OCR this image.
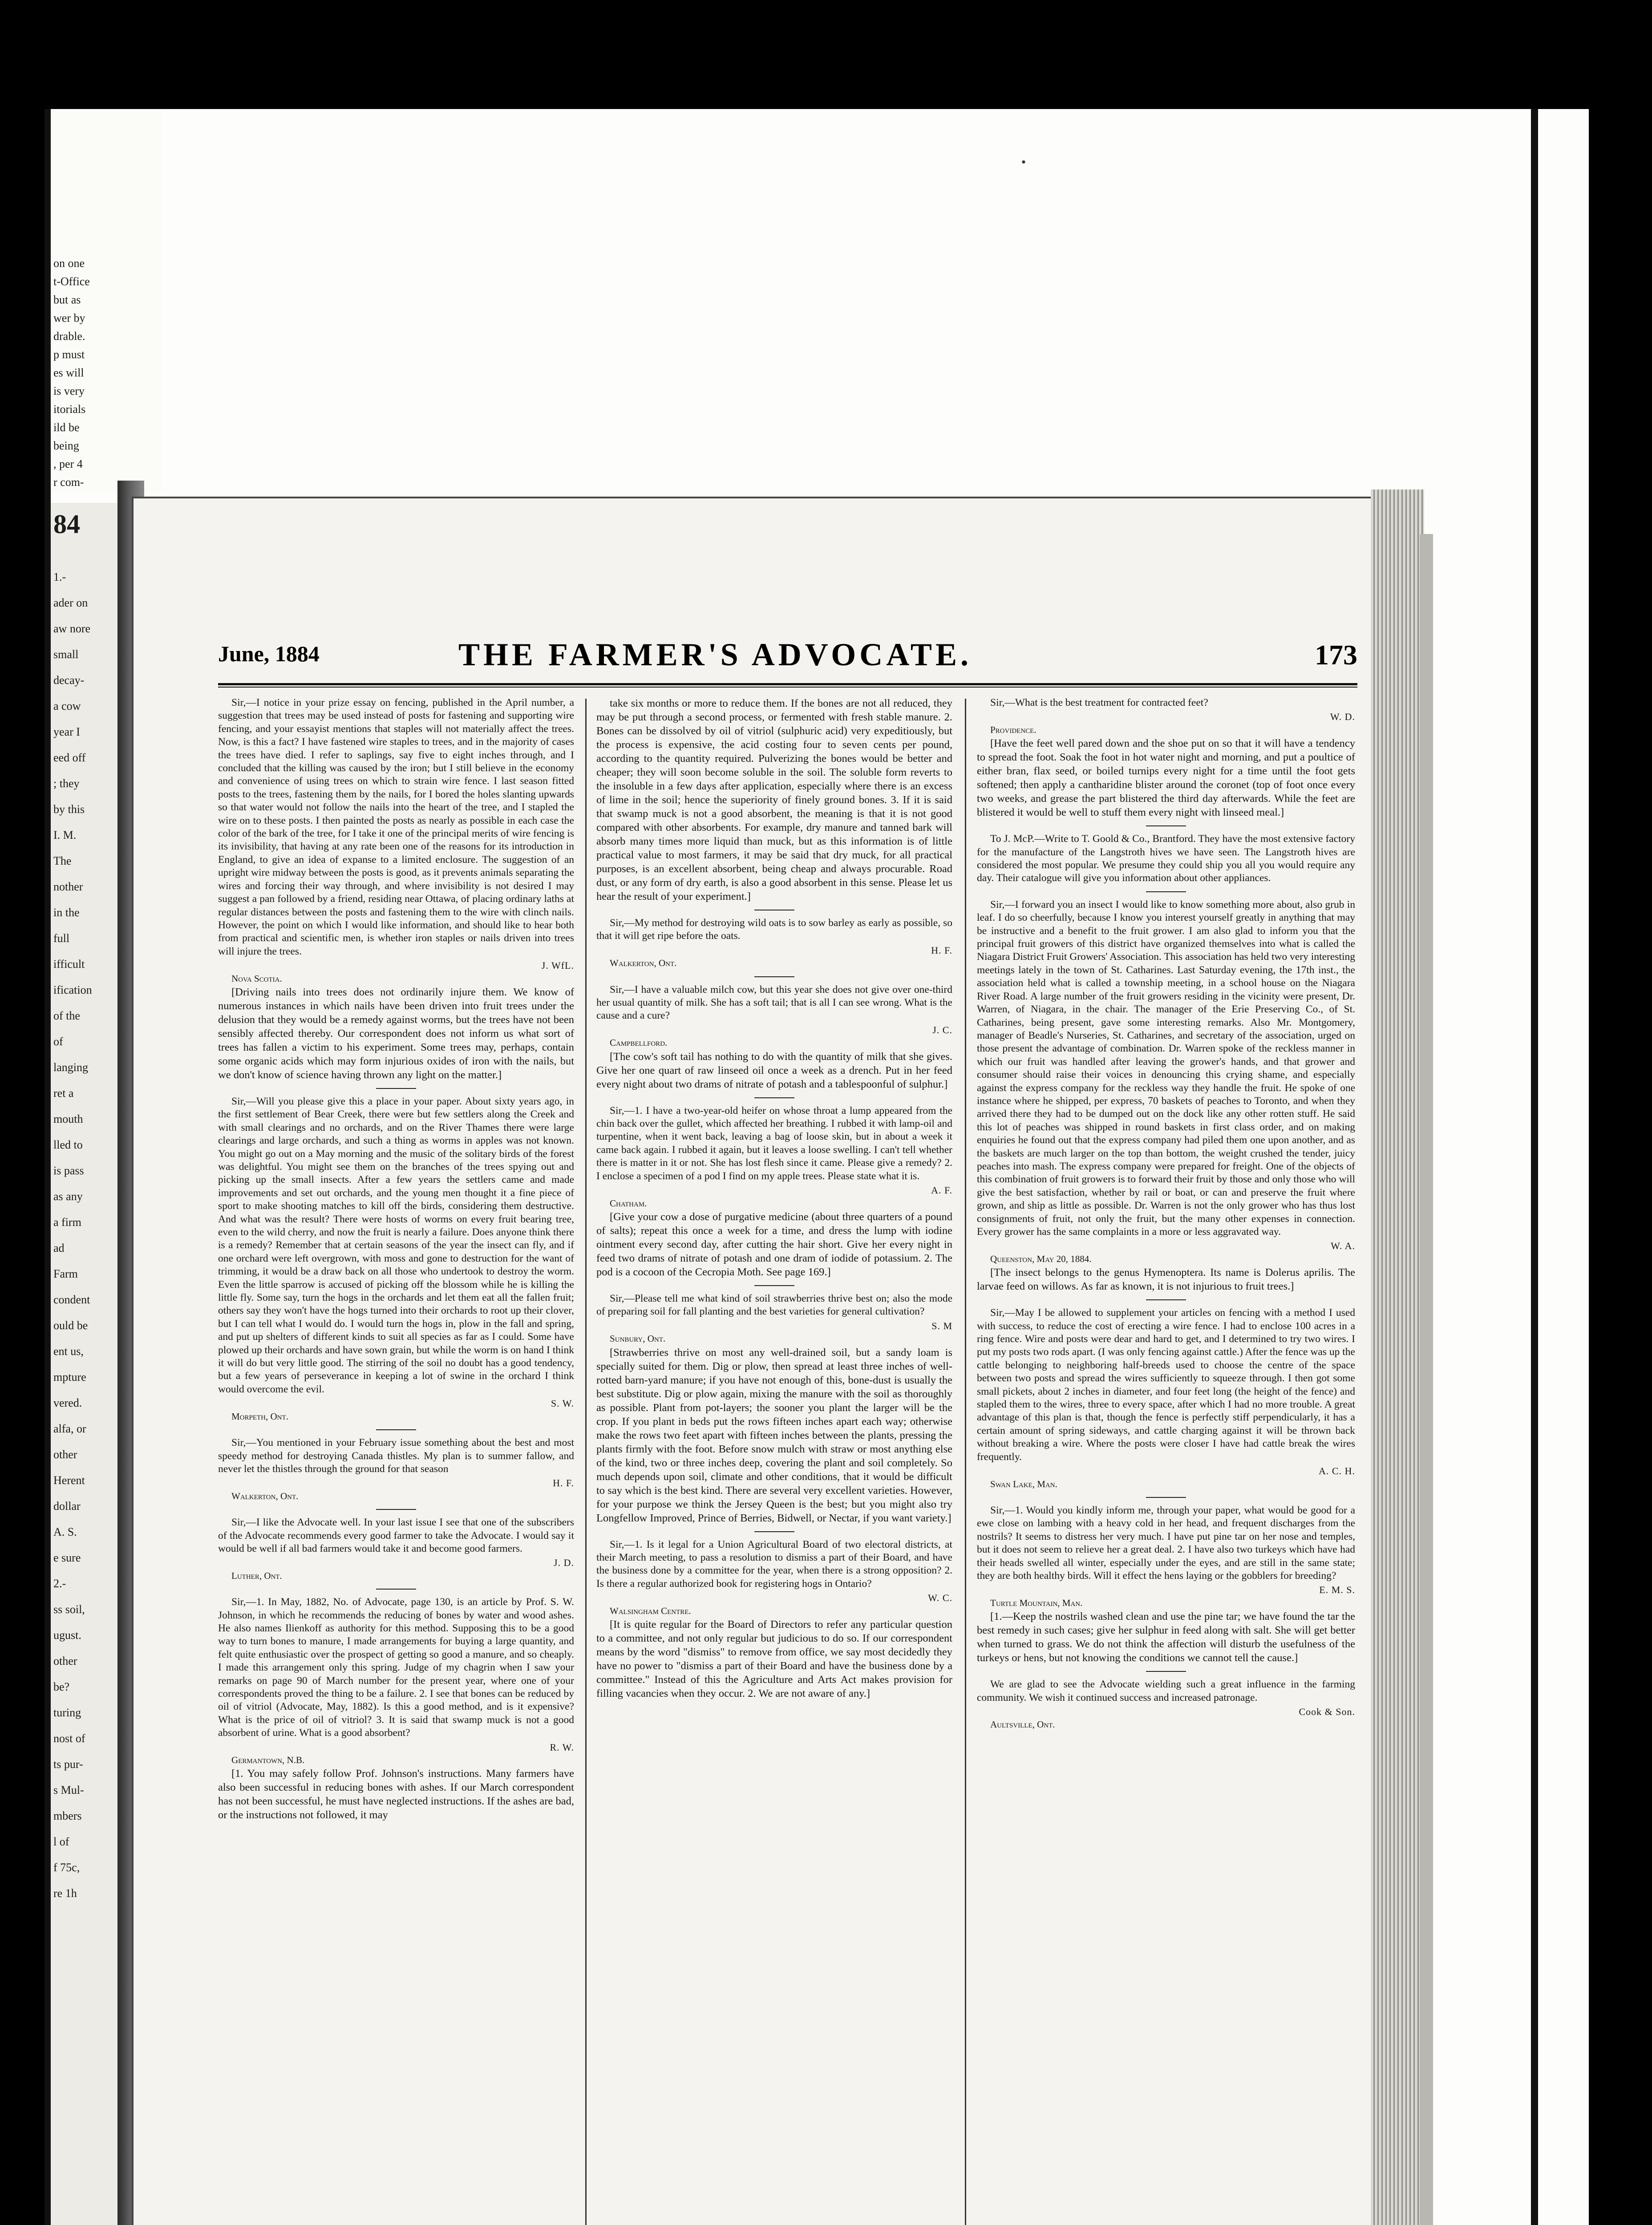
·
on one
t-Office
but as
wer by
drable.
p must
es will
is very
itorials
ild be
being
, per 4
r com-
84
1.-
ader on
aw nore
small
decay-
a cow
year I
eed off
; they
by this
I. M.
The
nother
in the
full
ifficult
ification
of the
of
langing
ret a
mouth
lled to
is pass
as any
a firm
ad
Farm
condent
ould be
ent us,
mpture
vered.
alfa, or
other
Herent
dollar
A. S.
e sure
2.-
ss soil,
ugust.
other
be?
turing
nost of
ts pur-
s Mul-
mbers
l of
f 75c,
re 1h
June, 1884	THE FARMER'S ADVOCATE.	173

Sir,—I notice in your prize essay on fencing, published in the April number, a suggestion that trees may be used instead of posts for fastening and supporting wire fencing, and your essayist mentions that staples will not materially affect the trees. Now, is this a fact? I have fastened wire staples to trees, and in the majority of cases the trees have died. I refer to saplings, say five to eight inches through, and I concluded that the killing was caused by the iron; but I still believe in the economy and convenience of using trees on which to strain wire fence. I last season fitted posts to the trees, fastening them by the nails, for I bored the holes slanting upwards so that water would not follow the nails into the heart of the tree, and I stapled the wire on to these posts. I then painted the posts as nearly as possible in each case the color of the bark of the tree, for I take it one of the principal merits of wire fencing is its invisibility, that having at any rate been one of the reasons for its introduction in England, to give an idea of expanse to a limited enclosure. The suggestion of an upright wire midway between the posts is good, as it prevents animals separating the wires and forcing their way through, and where invisibility is not desired I may suggest a pan followed by a friend, residing near Ottawa, of placing ordinary laths at regular distances between the posts and fastening them to the wire with clinch nails. However, the point on which I would like information, and should like to hear both from practical and scientific men, is whether iron staples or nails driven into trees will injure the trees.

J. WfL.

Nova Scotia.

[Driving nails into trees does not ordinarily injure them. We know of numerous instances in which nails have been driven into fruit trees under the delusion that they would be a remedy against worms, but the trees have not been sensibly affected thereby. Our correspondent does not inform us what sort of trees has fallen a victim to his experiment. Some trees may, perhaps, contain some organic acids which may form injurious oxides of iron with the nails, but we don't know of science having thrown any light on the matter.]

Sir,—Will you please give this a place in your paper. About sixty years ago, in the first settlement of Bear Creek, there were but few settlers along the Creek and with small clearings and no orchards, and on the River Thames there were large clearings and large orchards, and such a thing as worms in apples was not known. You might go out on a May morning and the music of the solitary birds of the forest was delightful. You might see them on the branches of the trees spying out and picking up the small insects. After a few years the settlers came and made improvements and set out orchards, and the young men thought it a fine piece of sport to make shooting matches to kill off the birds, considering them destructive. And what was the result? There were hosts of worms on every fruit bearing tree, even to the wild cherry, and now the fruit is nearly a failure. Does anyone think there is a remedy? Remember that at certain seasons of the year the insect can fly, and if one orchard were left overgrown, with moss and gone to destruction for the want of trimming, it would be a draw back on all those who undertook to destroy the worm. Even the little sparrow is accused of picking off the blossom while he is killing the little fly. Some say, turn the hogs in the orchards and let them eat all the fallen fruit; others say they won't have the hogs turned into their orchards to root up their clover, but I can tell what I would do. I would turn the hogs in, plow in the fall and spring, and put up shelters of different kinds to suit all species as far as I could. Some have plowed up their orchards and have sown grain, but while the worm is on hand I think it will do but very little good. The stirring of the soil no doubt has a good tendency, but a few years of perseverance in keeping a lot of swine in the orchard I think would overcome the evil.

S. W.

Morpeth, Ont.

Sir,—You mentioned in your February issue something about the best and most speedy method for destroying Canada thistles. My plan is to summer fallow, and never let the thistles through the ground for that season

H. F.

Walkerton, Ont.

Sir,—I like the Advocate well. In your last issue I see that one of the subscribers of the Advocate recommends every good farmer to take the Advocate. I would say it would be well if all bad farmers would take it and become good farmers.

J. D.

Luther, Ont.

Sir,—1. In May, 1882, No. of Advocate, page 130, is an article by Prof. S. W. Johnson, in which he recommends the reducing of bones by water and wood ashes. He also names Ilienkoff as authority for this method. Supposing this to be a good way to turn bones to manure, I made arrangements for buying a large quantity, and felt quite enthusiastic over the prospect of getting so good a manure, and so cheaply. I made this arrangement only this spring. Judge of my chagrin when I saw your remarks on page 90 of March number for the present year, where one of your correspondents proved the thing to be a failure. 2. I see that bones can be reduced by oil of vitriol (Advocate, May, 1882). Is this a good method, and is it expensive? What is the price of oil of vitriol? 3. It is said that swamp muck is not a good absorbent of urine. What is a good absorbent?

R. W.

Germantown, N.B.

[1. You may safely follow Prof. Johnson's instructions. Many farmers have also been successful in reducing bones with ashes. If our March correspondent has not been successful, he must have neglected instructions. If the ashes are bad, or the instructions not followed, it may

take six months or more to reduce them. If the bones are not all reduced, they may be put through a second process, or fermented with fresh stable manure. 2. Bones can be dissolved by oil of vitriol (sulphuric acid) very expeditiously, but the process is expensive, the acid costing four to seven cents per pound, according to the quantity required. Pulverizing the bones would be better and cheaper; they will soon become soluble in the soil. The soluble form reverts to the insoluble in a few days after application, especially where there is an excess of lime in the soil; hence the superiority of finely ground bones. 3. If it is said that swamp muck is not a good absorbent, the meaning is that it is not good compared with other absorbents. For example, dry manure and tanned bark will absorb many times more liquid than muck, but as this information is of little practical value to most farmers, it may be said that dry muck, for all practical purposes, is an excellent absorbent, being cheap and always procurable. Road dust, or any form of dry earth, is also a good absorbent in this sense. Please let us hear the result of your experiment.]

Sir,—My method for destroying wild oats is to sow barley as early as possible, so that it will get ripe before the oats.

H. F.

Walkerton, Ont.

Sir,—I have a valuable milch cow, but this year she does not give over one-third her usual quantity of milk. She has a soft tail; that is all I can see wrong. What is the cause and a cure?

J. C.

Campbellford.

[The cow's soft tail has nothing to do with the quantity of milk that she gives. Give her one quart of raw linseed oil once a week as a drench. Put in her feed every night about two drams of nitrate of potash and a tablespoonful of sulphur.]

Sir,—1. I have a two-year-old heifer on whose throat a lump appeared from the chin back over the gullet, which affected her breathing. I rubbed it with lamp-oil and turpentine, when it went back, leaving a bag of loose skin, but in about a week it came back again. I rubbed it again, but it leaves a loose swelling. I can't tell whether there is matter in it or not. She has lost flesh since it came. Please give a remedy? 2. I enclose a specimen of a pod I find on my apple trees. Please state what it is.

A. F.

Chatham.

[Give your cow a dose of purgative medicine (about three quarters of a pound of salts); repeat this once a week for a time, and dress the lump with iodine ointment every second day, after cutting the hair short. Give her every night in feed two drams of nitrate of potash and one dram of iodide of potassium. 2. The pod is a cocoon of the Cecropia Moth. See page 169.]

Sir,—Please tell me what kind of soil strawberries thrive best on; also the mode of preparing soil for fall planting and the best varieties for general cultivation?

S. M

Sunbury, Ont.

[Strawberries thrive on most any well-drained soil, but a sandy loam is specially suited for them. Dig or plow, then spread at least three inches of well-rotted barn-yard manure; if you have not enough of this, bone-dust is usually the best substitute. Dig or plow again, mixing the manure with the soil as thoroughly as possible. Plant from pot-layers; the sooner you plant the larger will be the crop. If you plant in beds put the rows fifteen inches apart each way; otherwise make the rows two feet apart with fifteen inches between the plants, pressing the plants firmly with the foot. Before snow mulch with straw or most anything else of the kind, two or three inches deep, covering the plant and soil completely. So much depends upon soil, climate and other conditions, that it would be difficult to say which is the best kind. There are several very excellent varieties. However, for your purpose we think the Jersey Queen is the best; but you might also try Longfellow Improved, Prince of Berries, Bidwell, or Nectar, if you want variety.]

Sir,—1. Is it legal for a Union Agricultural Board of two electoral districts, at their March meeting, to pass a resolution to dismiss a part of their Board, and have the business done by a committee for the year, when there is a strong opposition? 2. Is there a regular authorized book for registering hogs in Ontario?

W. C.

Walsingham Centre.

[It is quite regular for the Board of Directors to refer any particular question to a committee, and not only regular but judicious to do so. If our correspondent means by the word "dismiss" to remove from office, we say most decidedly they have no power to "dismiss a part of their Board and have the business done by a committee." Instead of this the Agriculture and Arts Act makes provision for filling vacancies when they occur. 2. We are not aware of any.]

Sir,—What is the best treatment for contracted feet?

W. D.

Providence.

[Have the feet well pared down and the shoe put on so that it will have a tendency to spread the foot. Soak the foot in hot water night and morning, and put a poultice of either bran, flax seed, or boiled turnips every night for a time until the foot gets softened; then apply a cantharidine blister around the coronet (top of foot once every two weeks, and grease the part blistered the third day afterwards. While the feet are blistered it would be well to stuff them every night with linseed meal.]

To J. McP.—Write to T. Goold & Co., Brantford. They have the most extensive factory for the manufacture of the Langstroth hives we have seen. The Langstroth hives are considered the most popular. We presume they could ship you all you would require any day. Their catalogue will give you information about other appliances.

Sir,—I forward you an insect I would like to know something more about, also grub in leaf. I do so cheerfully, because I know you interest yourself greatly in anything that may be instructive and a benefit to the fruit grower. I am also glad to inform you that the principal fruit growers of this district have organized themselves into what is called the Niagara District Fruit Growers' Association. This association has held two very interesting meetings lately in the town of St. Catharines. Last Saturday evening, the 17th inst., the association held what is called a township meeting, in a school house on the Niagara River Road. A large number of the fruit growers residing in the vicinity were present, Dr. Warren, of Niagara, in the chair. The manager of the Erie Preserving Co., of St. Catharines, being present, gave some interesting remarks. Also Mr. Montgomery, manager of Beadle's Nurseries, St. Catharines, and secretary of the association, urged on those present the advantage of combination. Dr. Warren spoke of the reckless manner in which our fruit was handled after leaving the grower's hands, and that grower and consumer should raise their voices in denouncing this crying shame, and especially against the express company for the reckless way they handle the fruit. He spoke of one instance where he shipped, per express, 70 baskets of peaches to Toronto, and when they arrived there they had to be dumped out on the dock like any other rotten stuff. He said this lot of peaches was shipped in round baskets in first class order, and on making enquiries he found out that the express company had piled them one upon another, and as the baskets are much larger on the top than bottom, the weight crushed the tender, juicy peaches into mash. The express company were prepared for freight. One of the objects of this combination of fruit growers is to forward their fruit by those and only those who will give the best satisfaction, whether by rail or boat, or can and preserve the fruit where grown, and ship as little as possible. Dr. Warren is not the only grower who has thus lost consignments of fruit, not only the fruit, but the many other expenses in connection. Every grower has the same complaints in a more or less aggravated way.

W. A.

Queenston, May 20, 1884.

[The insect belongs to the genus Hymenoptera. Its name is Dolerus aprilis. The larvae feed on willows. As far as known, it is not injurious to fruit trees.]

Sir,—May I be allowed to supplement your articles on fencing with a method I used with success, to reduce the cost of erecting a wire fence. I had to enclose 100 acres in a ring fence. Wire and posts were dear and hard to get, and I determined to try two wires. I put my posts two rods apart. (I was only fencing against cattle.) After the fence was up the cattle belonging to neighboring half-breeds used to choose the centre of the space between two posts and spread the wires sufficiently to squeeze through. I then got some small pickets, about 2 inches in diameter, and four feet long (the height of the fence) and stapled them to the wires, three to every space, after which I had no more trouble. A great advantage of this plan is that, though the fence is perfectly stiff perpendicularly, it has a certain amount of spring sideways, and cattle charging against it will be thrown back without breaking a wire. Where the posts were closer I have had cattle break the wires frequently.

A. C. H.

Swan Lake, Man.

Sir,—1. Would you kindly inform me, through your paper, what would be good for a ewe close on lambing with a heavy cold in her head, and frequent discharges from the nostrils? It seems to distress her very much. I have put pine tar on her nose and temples, but it does not seem to relieve her a great deal. 2. I have also two turkeys which have had their heads swelled all winter, especially under the eyes, and are still in the same state; they are both healthy birds. Will it effect the hens laying or the gobblers for breeding?

E. M. S.

Turtle Mountain, Man.

[1.—Keep the nostrils washed clean and use the pine tar; we have found the tar the best remedy in such cases; give her sulphur in feed along with salt. She will get better when turned to grass. We do not think the affection will disturb the usefulness of the turkeys or hens, but not knowing the conditions we cannot tell the cause.]

We are glad to see the Advocate wielding such a great influence in the farming community. We wish it continued success and increased patronage.

Cook & Son.

Aultsville, Ont.
